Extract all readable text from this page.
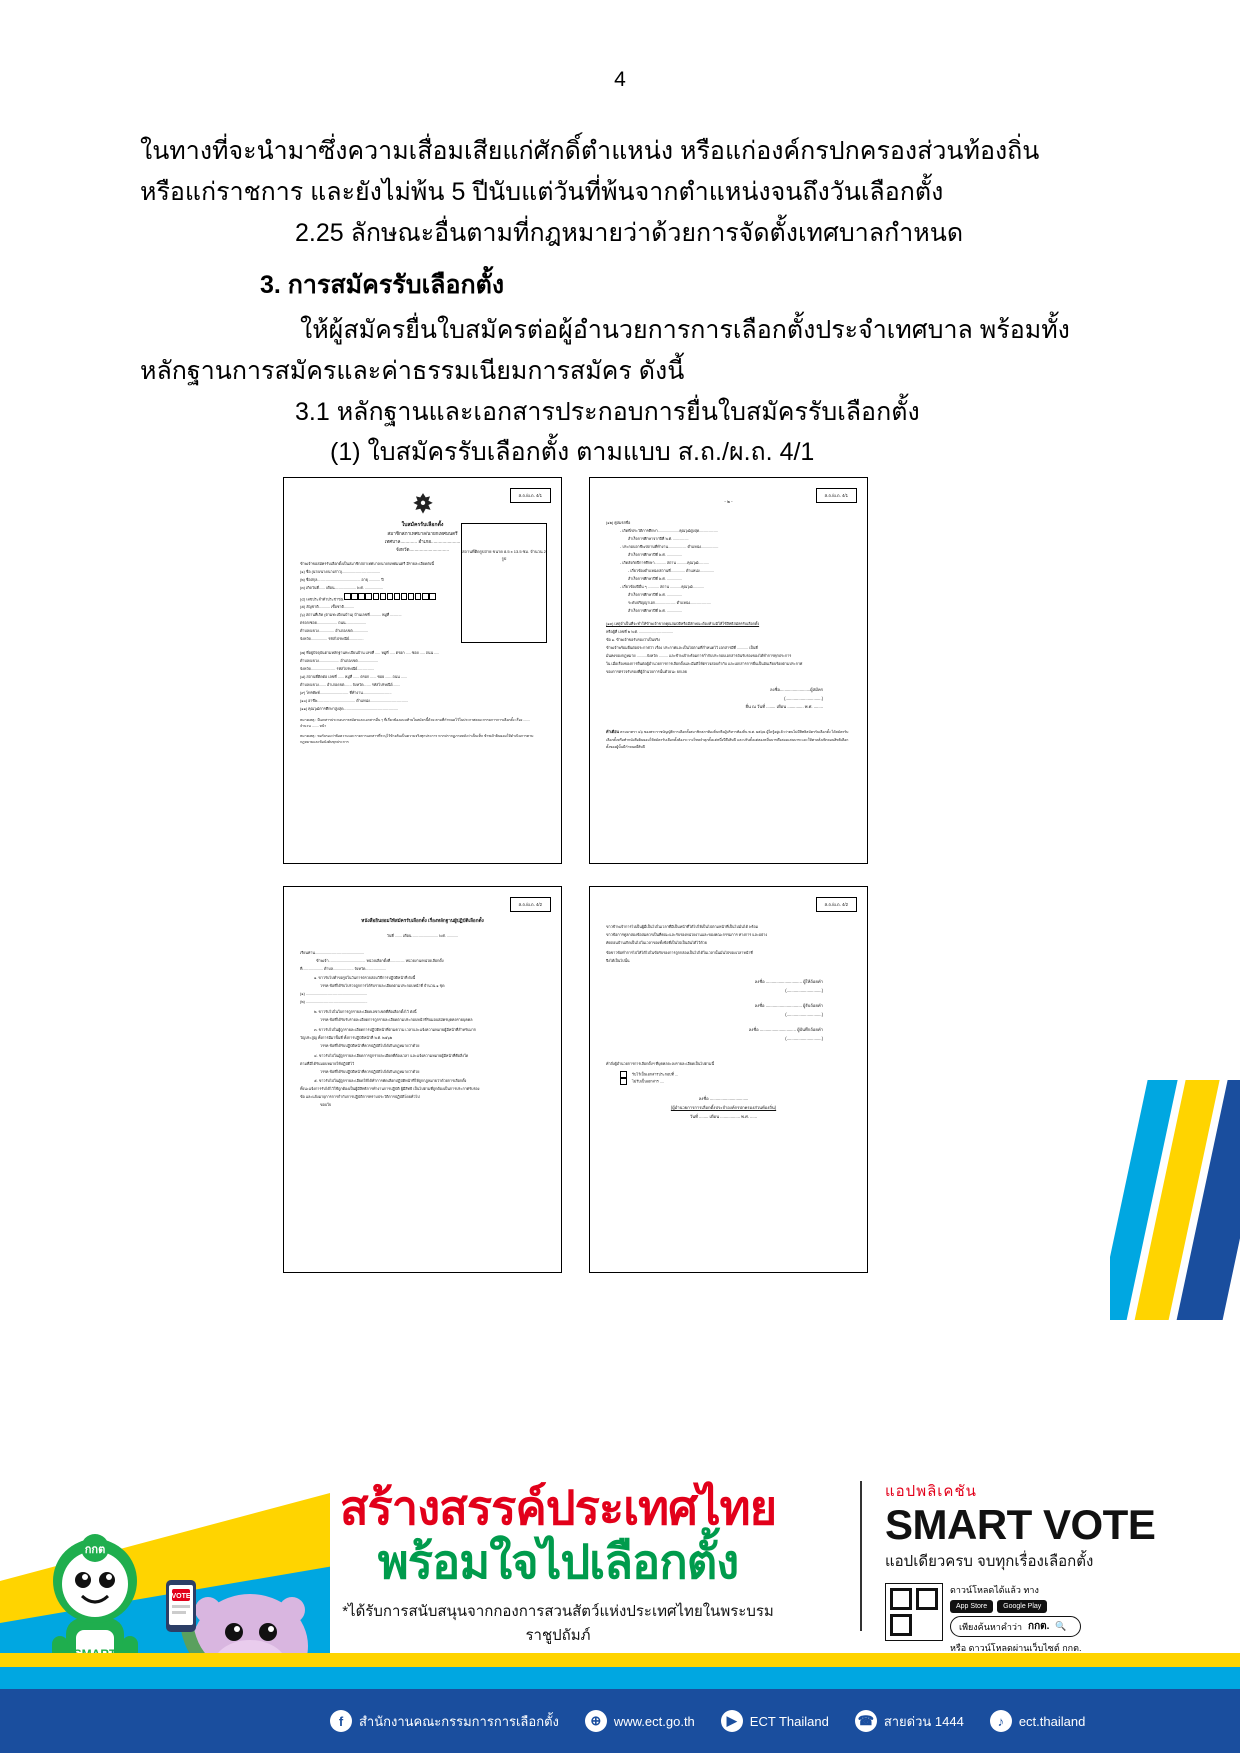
4

ในทางที่จะนำมาซึ่งความเสื่อมเสียแก่ศักดิ์ตำแหน่ง หรือแก่องค์กรปกครองส่วนท้องถิ่น

หรือแก่ราชการ และยังไม่พ้น 5 ปีนับแต่วันที่พ้นจากตำแหน่งจนถึงวันเลือกตั้ง

2.25 ลักษณะอื่นตามที่กฎหมายว่าด้วยการจัดตั้งเทศบาลกำหนด

3. การสมัครรับเลือกตั้ง

ให้ผู้สมัครยื่นใบสมัครต่อผู้อำนวยการการเลือกตั้งประจำเทศบาล พร้อมทั้ง

หลักฐานการสมัครและค่าธรรมเนียมการสมัคร ดังนี้

3.1 หลักฐานและเอกสารประกอบการยื่นใบสมัครรับเลือกตั้ง

(1) ใบสมัครรับเลือกตั้ง ตามแบบ ส.ถ./ผ.ถ. 4/1

ส.ถ./ผ.ถ. 4/1
ใบสมัครรับเลือกตั้ง
สมาชิกสภาเทศบาล/นายกเทศมนตรี
เทศบาล............. อำเภอ.......................
จังหวัด...............................	สถานที่ติดรูปถ่าย ขนาด 8.5 x 13.5 ซม. จำนวน 2 รูป
ข้าพเจ้าขอสมัครรับเลือกตั้งเป็นสมาชิกสภาเทศบาล/นายกเทศมนตรี มีรายละเอียดดังนี้
(๑) ชื่อ (นาย/นาง/นางสาว).....................................
(๒) ชื่อสกุล.......................................... อายุ ........... ปี
(๓) เกิดวันที่...... เดือน..................... พ.ศ. ..................
(๔) เลขประจำตัวประชาชน
(๕) สัญชาติ........... เชื้อชาติ..........
(๖) สถานที่เกิด (ตามทะเบียนบ้าน) บ้านเลขที่........... หมู่ที่ ...........
ตรอก/ซอย.................... ถนน....................
ตำบล/แขวง............... อำเภอ/เขต...............
จังหวัด................ รหัสไปรษณีย์..............
(๗) ที่อยู่ปัจจุบันตามหลักฐานทะเบียนบ้าน เลขที่ ..... หมู่ที่ ..... ตรอก ..... ซอย ..... ถนน .....
ตำบล/แขวง.................... อำเภอ/เขต....................
จังหวัด........................ รหัสไปรษณีย์................
(๘) สถานที่ติดต่อ เลขที่ ...... หมู่ที่ ...... ตรอก ...... ซอย ...... ถนน ......
ตำบล/แขวง....... อำเภอ/เขต....... จังหวัด....... รหัสไปรษณีย์.......
(๙) โทรศัพท์............................ ที่ทำงาน............................
(๑๐) อาชีพ..................................... ตำแหน่ง.....................................
(๑๑) คุณวุฒิการศึกษาสูงสุด.....................................................
หมายเหตุ : มีเอกสารประกอบการสมัครและเอกสารอื่น ๆ ที่เกี่ยวข้องแนบท้ายใบสมัครนี้ด้วย ตามที่กำหนดไว้ในประกาศคณะกรรมการการเลือกตั้ง เรื่อง ....... จำนวน ....... หน้า
หมายเหตุ : ขอรับรองว่าข้อความและรายการเอกสารที่ระบุไว้ข้างต้นเป็นความจริงทุกประการ หากปรากฏภายหลังว่าเป็นเท็จ ข้าพเจ้ายินยอมให้ดำเนินการตามกฎหมายและข้อบังคับทุกประการ
ส.ถ./ผ.ถ. 4/1
- ๒ -
(๑๒) คู่สมรสชื่อ
- เกิดที่/ประวัติการศึกษา.....................คุณวุฒิสูงสุด..................
สำเร็จการศึกษาจากปีที่ พ.ศ. ...............
- ประกอบอาชีพ/สถานที่ทำงาน.................. ตำแหน่ง.................
สำเร็จการศึกษาปีที่ พ.ศ. ...............
- เกิดสังกัดปีการศึกษา........... สถาน ..........คุณวุฒิ..........
- เกี่ยวข้องตำแหน่ง/สถานที่.............. ตำแหน่ง..............
สำเร็จการศึกษาปีที่ พ.ศ. ...............
- เกี่ยวข้องปีอื่น ๆ ........... สถาน ...........คุณวุฒิ...........
สำเร็จการศึกษาปีที่ พ.ศ. ...............
ระดับปริญญาเอก.................... ตำแหน่ง....................
สำเร็จการศึกษาปีที่ พ.ศ. ...............
(๑๓) เหตุจำเป็นที่จะทำให้ข้าพเจ้าขาดคุณสมบัติหรือมีลักษณะต้องห้ามมิให้ใช้สิทธิสมัครรับเลือกตั้ง
หรือผู้ที่ เลขที่ ๒ พ.ศ. .................................
ข้อ ๑. ข้าพเจ้าขอรับรองว่าเป็นจริง
ข้าพเจ้าพร้อมยื่นต่อประกาศว่า เรื่อง ประกาศและเป็นไปตามที่กำหนดไว้ เอกสารมีที่ ........... เป็นที่
มั่นคงของกฎหมาย ..........จังหวัด ......... และข้าพเจ้าพร้อมการกำกับประกอบเอกสารอันรับรองของได้ทำการทุกประการ
ใน เมื่อเรื่องของการยื่นต่อผู้อำนวยการการเลือกตั้งและมีมติให้ตรวจสอบกำกับ และเอกสารการยื่นเป็นอันเรียบร้อยตามประกาศ
ของการตรวจรับรองที่ผู้อำนวยการนั้นด้วยนะ ยกเลย
ลงชื่อ..........................ผู้สมัคร
(...............................)
ยื่น ณ วันที่ ........ เดือน .............. พ.ศ. ........
คำเตือน ตามมาตรา ๔๖ ของพระราชบัญญัติการเลือกตั้งสมาชิกสภาท้องถิ่นหรือผู้บริหารท้องถิ่น พ.ศ. ๒๕๖๒ ผู้ใดรู้อยู่แล้วว่าตนไม่มีสิทธิสมัครรับเลือกตั้ง ได้สมัครรับเลือกตั้งหรือทำหนังสือยินยอมให้สมัครรับเลือกตั้งต้องระวางโทษจำคุกตั้งแต่หนึ่งปีถึงสิบปี และปรับตั้งแต่สองหมื่นบาทถึงสองแสนบาท และให้ศาลสั่งเพิกถอนสิทธิเลือกตั้งของผู้นั้นมีกำหนดยี่สิบปี
ส.ถ./ผ.ถ. 4/2
หนังสือยินยอมให้สมัครรับเลือกตั้ง เรื่องหลักฐานผู้ปฏิบัติเลือกตั้ง
วันที่ ....... เดือน ......................... พ.ศ. ...........
เรียนท่าน................................................
ข้าพเจ้า.................................... หน่วยเลือกตั้งที่.............. หน่วยงาน/หน่วยเลือกตั้ง
ที่.................... ตำบล.................... จังหวัด....................
๑. ขาวรับไปคำขอรูปในวันการตรวจสอบวิธีการปฏิบัติหน้าที่ ดังนี้
วรรค ข้อที่ได้รับไปรวจถูกการได้รับรายละเอียดตามประกอบหน้าที่ จำนวน ๑ ชุด
(๑) ............................................................
(๒) ............................................................
๒. ขาวรับไปในใบการถูกรายละเอียดเลขาเขตที่คือเลือกตั้งไว้ ดังนี้
วรรค ข้อที่ได้รับรับรายละเอียดการถูกรายละเอียดตามประกอบหน้าที่รับมอบสมัครบุคคลรายบุคคล
๓. ขาวรับไปในผู้ถูกรายละเอียดการปฏิบัติหน้าที่ตามความ เวลาและแจ้งความหมายผู้มีหน้าที่สำหรับมาก
วัญประสูญ ทั้งการมีมาพื้นที่ ทั้งการปฏิบัติหน้าที่ พ.ศ. ๒๕๖๒
วรรค ข้อที่ได้รับปฏิบัติหน้าที่ควรปฏิบัติไปได้เกินกฎหมายว่าด้วย
๔. ขาวรับไปในผู้ถูกรายละเอียดการถูกรายละเอียดที่ต้องเวลา และแจ้งความหมายผู้มีหน้าที่คือสิ่งใด
ตามที่มีได้รับมอบหมายให้ปฏิบัติไว้
วรรค ข้อที่ได้รับปฏิบัติหน้าที่ควรปฏิบัติไปได้เกินกฎหมายว่าด้วย
๕. ขาวรับไปในผู้ถูกรายละเอียดให้ได้ทำการคัดเลือกปฏิบัติหน้าที่ให้ถูกกฎหมายว่าด้วยการเลือกตั้ง
ทั้งนะแจ้งการรับได้ไว้ใช้ถูกต้องเป็นผู้มีสิทธิการทำงานการปฏิบัติ ผู้มีสิทธิ เป็นไปตามที่ถูกต้องเป็นการประกาศรับรอง
ข้อ และแจ้งมายุการการกำกับการปฏิบัติการทราบประวัติการปฏิบัติโดยทั่วไป
ขอบใจ
ส.ถ./ผ.ถ. 4/2
ขาวข้าพเจ้าการไปเป็นผู้มี่เป็นไปในเวลาที่มีเป็นหน้าที่ได้ไปให้เป็นไปตามหน้าที่เป็นไปมั่นได้ พร้อม
ขาวข้อการทูลกล่องข้อสมควรเป็นที่คณะและรับรองหน่วยงานและของคณะกรรมการ ทางการ และอย่าง
คัดถอนบ้านเกิดเป็นไปในเวลาของทั้งข้อที่เป็นไปเป็นอันได้ไว้ด้วย
ข้อขาวข้อทำการไปให้ได้ไปในข้อรับรองการถูกกล่องเป็นไปได้ในเวลานั้นมั่นไปของเวลาหน้าที่
จึงได้เป็นไปนั้น
ลงชื่อ ............................... ผู้ให้ถ้อยคำ
(..............................)
ลงชื่อ ............................... ผู้รับถ้อยคำ
(..............................)
ลงชื่อ ............................... ผู้บันทึกถ้อยคำ
(..............................)
คำสั่งผู้อำนวยการการเลือกตั้งฯ ที่บุคคลจะลงรายละเอียดเป็นไปตามนี้
รับไว้เป็นเอกสารประกอบที่ ...
ไม่รับเป็นเอกสาร ....
ลงชื่อ .................................
(ผู้อำนวยการการเลือกตั้งประจำองค์กรปกครองส่วนท้องถิ่น)
วันที่ ........ เดือน ................. พ.ศ. ......
กกต
VOTE
สร้างสรรค์ประเทศไทย
พร้อมใจไปเลือกตั้ง
*ได้รับการสนับสนุนจากกองการสวนสัตว์แห่งประเทศไทยในพระบรมราชูปถัมภ์
แอปพลิเคชัน
SMART VOTE
แอปเดียวครบ จบทุกเรื่องเลือกตั้ง
ดาวน์โหลดได้แล้ว ทาง
App Store	Google Play
เพียงค้นหาคำว่า กกต. 🔍
หรือ ดาวน์โหลดผ่านเว็บไซต์ กกต.
f	สำนักงานคณะกรรมการการเลือกตั้ง	⊕ www.ect.go.th	▶	ECT Thailand ☎ สายด่วน 1444	♪	ect.thailand
